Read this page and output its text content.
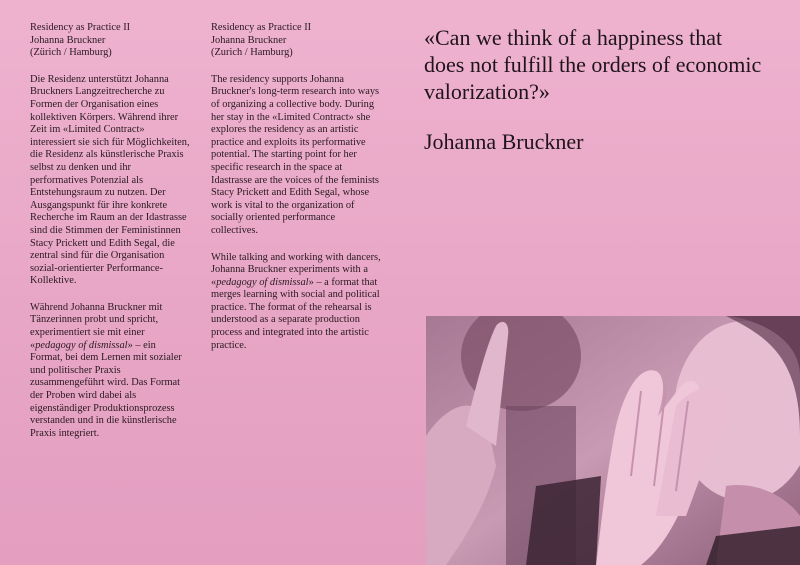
Residency as Practice II
Johanna Bruckner
(Zürich / Hamburg)

Die Residenz unterstützt Johanna Bruckners Langzeitrecherche zu Formen der Organisation eines kollektiven Körpers. Während ihrer Zeit im «Limited Contract» interessiert sie sich für Möglichkeiten, die Residenz als künstlerische Praxis selbst zu denken und ihr performatives Potenzial als Entstehungsraum zu nutzen. Der Ausgangspunkt für ihre konkrete Recherche im Raum an der Idastrasse sind die Stimmen der Feministinnen Stacy Prickett und Edith Segal, die zentral sind für die Organisation sozial-orientierter Performance-Kollektive.

Während Johanna Bruckner mit Tänzerinnen probt und spricht, experimentiert sie mit einer «pedagogy of dismissal» – ein Format, bei dem Lernen mit sozialer und politischer Praxis zusammengeführt wird. Das Format der Proben wird dabei als eigenständiger Produktionsprozess verstanden und in die künstlerische Praxis integriert.

Residency as Practice II
Johanna Bruckner
(Zurich / Hamburg)

The residency supports Johanna Bruckner's long-term research into ways of organizing a collective body. During her stay in the «Limited Contract» she explores the residency as an artistic practice and exploits its performative potential. The starting point for her specific research in the space at Idastrasse are the voices of the feminists Stacy Prickett and Edith Segal, whose work is vital to the organization of socially oriented performance collectives.

While talking and working with dancers, Johanna Bruckner experiments with a «pedagogy of dismissal» – a format that merges learning with social and political practice. The format of the rehearsal is understood as a separate production process and integrated into the artistic practice.

«Can we think of a happiness that does not fulfill the orders of economic valorization?»
Johanna Bruckner
